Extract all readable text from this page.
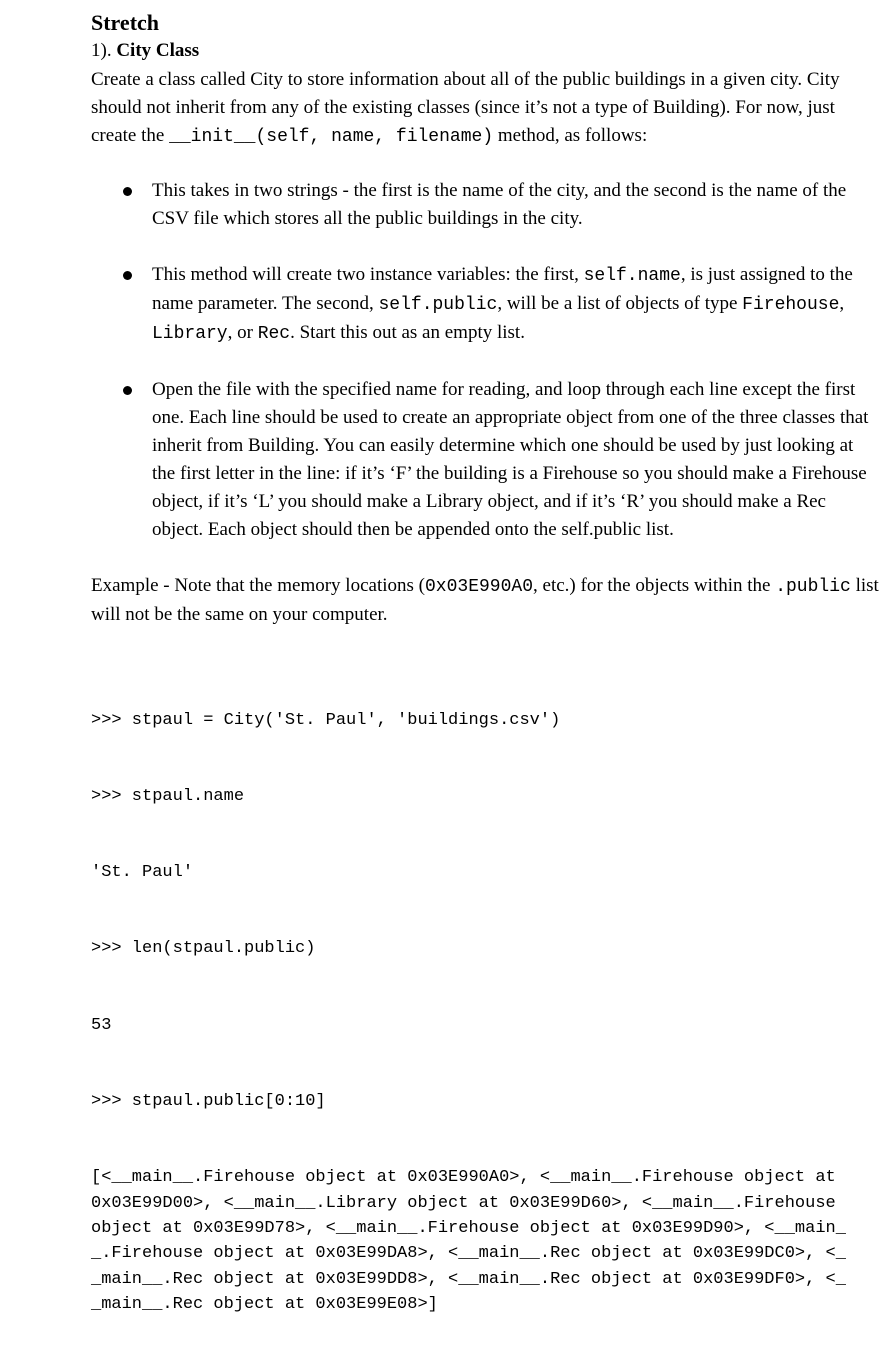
Stretch
1). City Class

Create a class called City to store information about all of the public buildings in a given city. City should not inherit from any of the existing classes (since it’s not a type of Building). For now, just create the __init__(self, name, filename) method, as follows:

This takes in two strings - the first is the name of the city, and the second is the name of the CSV file which stores all the public buildings in the city.
This method will create two instance variables: the first, self.name, is just assigned to the name parameter. The second, self.public, will be a list of objects of type Firehouse, Library, or Rec. Start this out as an empty list.
Open the file with the specified name for reading, and loop through each line except the first one. Each line should be used to create an appropriate object from one of the three classes that inherit from Building. You can easily determine which one should be used by just looking at the first letter in the line: if it’s ‘F’ the building is a Firehouse so you should make a Firehouse object, if it’s ‘L’ you should make a Library object, and if it’s ‘R’ you should make a Rec object. Each object should then be appended onto the self.public list.

Example - Note that the memory locations (0x03E990A0, etc.) for the objects within the .public list will not be the same on your computer.

>>> stpaul = City('St. Paul', 'buildings.csv')

>>> stpaul.name

'St. Paul'

>>> len(stpaul.public)

53

>>> stpaul.public[0:10]

[<__main__.Firehouse object at 0x03E990A0>, <__main__.Firehouse object at 0x03E99D00>, <__main__.Library object at 0x03E99D60>, <__main__.Firehouse object at 0x03E99D78>, <__main__.Firehouse object at 0x03E99D90>, <__main__.Firehouse object at 0x03E99DA8>, <__main__.Rec object at 0x03E99DC0>, <__main__.Rec object at 0x03E99DD8>, <__main__.Rec object at 0x03E99DF0>, <__main__.Rec object at 0x03E99E08>]
